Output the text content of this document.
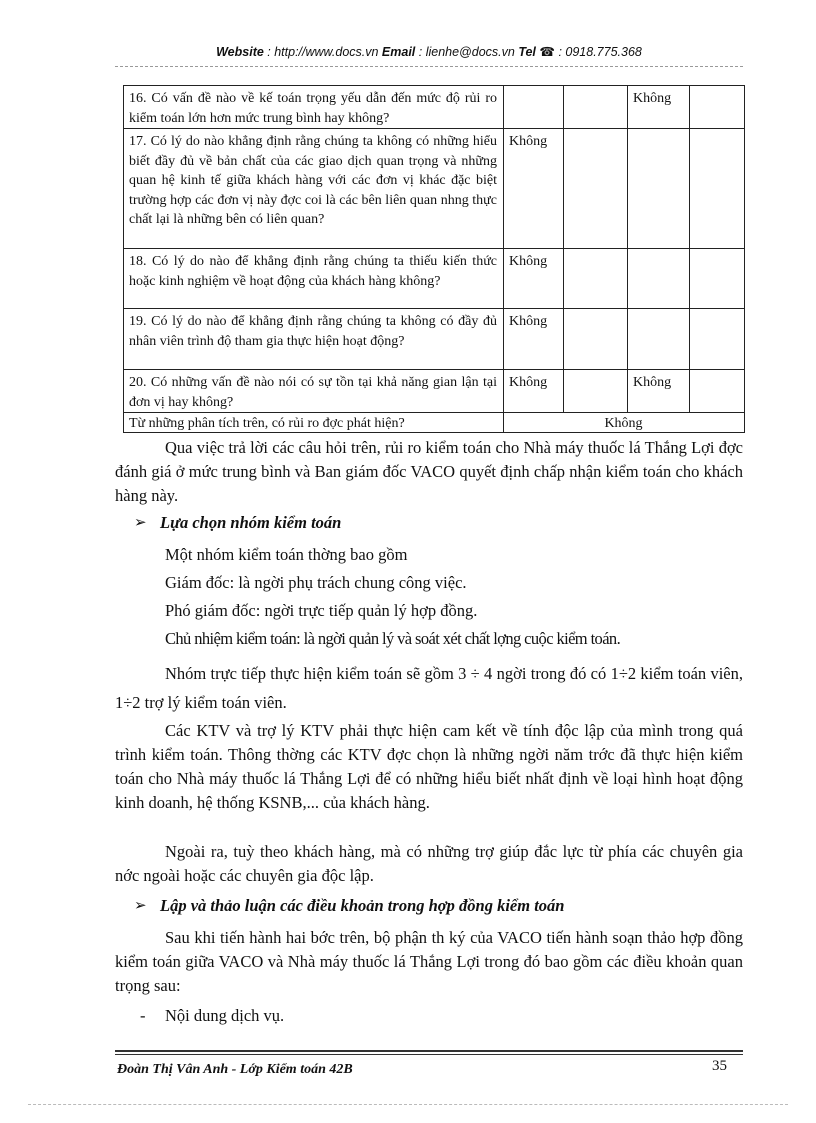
Website : http://www.docs.vn Email : lienhe@docs.vn Tel ☎ : 0918.775.368
16. Có vấn đề nào về kế toán trọng yếu dẫn đến mức độ rủi ro kiểm toán lớn hơn mức trung bình hay không?			Không	
17. Có lý do nào khẳng định rằng chúng ta không có những hiểu biết đầy đủ về bản chất của các giao dịch quan trọng và những quan hệ kinh tế giữa khách hàng với các đơn vị khác đặc biệt trường hợp các đơn vị này đợc coi là các bên liên quan nhng thực chất lại là những bên có liên quan?	Không			
18. Có lý do nào để khẳng định rằng chúng ta thiếu kiến thức hoặc kinh nghiệm về hoạt động của khách hàng không?	Không			
19. Có lý do nào để khẳng định rằng chúng ta không có đầy đủ nhân viên trình độ tham gia thực hiện hoạt động?	Không			
20. Có những vấn đề nào nói có sự tồn tại khả năng gian lận tại đơn vị hay không?	Không		Không	
Từ những phân tích trên, có rủi ro đợc phát hiện?	Không			
Qua việc trả lời các câu hỏi trên, rủi ro kiểm toán cho Nhà máy thuốc lá Thắng Lợi đợc đánh giá ở mức trung bình và Ban giám đốc VACO quyết định chấp nhận kiểm toán cho khách hàng này.
➢ Lựa chọn nhóm kiểm toán
Một nhóm kiểm toán thờng bao gồm
Giám đốc: là ngời phụ trách chung công việc.
Phó giám đốc: ngời trực tiếp quản lý hợp đồng.
Chủ nhiệm kiểm toán: là ngời quản lý và soát xét chất lợng cuộc kiểm toán.
Nhóm trực tiếp thực hiện kiểm toán sẽ gồm 3 ÷ 4 ngời trong đó có 1÷2 kiểm toán viên, 1÷2 trợ lý kiểm toán viên.
Các KTV và trợ lý KTV phải thực hiện cam kết về tính độc lập của mình trong quá trình kiểm toán. Thông thờng các KTV đợc chọn là những ngời năm trớc đã thực hiện kiểm toán cho Nhà máy thuốc lá Thắng Lợi để có những hiểu biết nhất định về loại hình hoạt động kinh doanh, hệ thống KSNB,... của khách hàng.
Ngoài ra, tuỳ theo khách hàng, mà có những trợ giúp đắc lực từ phía các chuyên gia nớc ngoài hoặc các chuyên gia độc lập.
➢ Lập và thảo luận các điều khoản trong hợp đồng kiểm toán
Sau khi tiến hành hai bớc trên, bộ phận th ký của VACO tiến hành soạn thảo hợp đồng kiểm toán giữa VACO và Nhà máy thuốc lá Thắng Lợi trong đó bao gồm các điều khoản quan trọng sau:
- Nội dung dịch vụ.
Đoàn Thị Vân Anh - Lớp Kiểm toán 42B	35
